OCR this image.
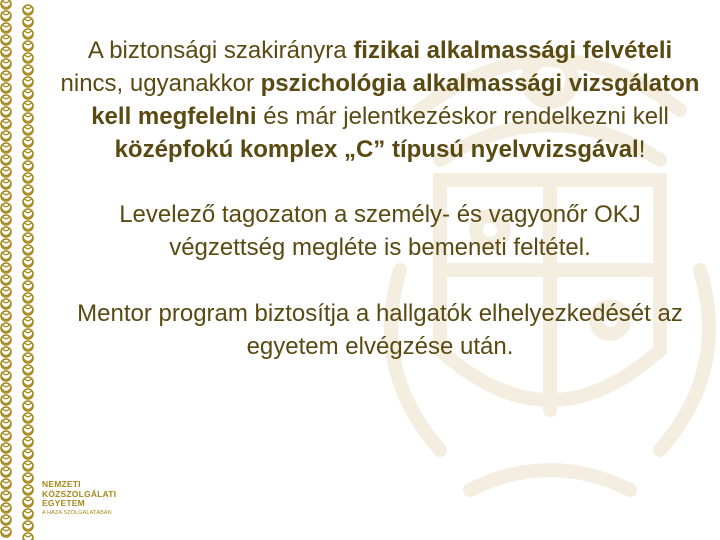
A biztonsági szakirányra fizikai alkalmassági felvételi nincs, ugyanakkor pszichológia alkalmassági vizsgálaton kell megfelelni és már jelentkezéskor rendelkezni kell középfokú komplex „C” típusú nyelvvizsgával!

Levelező tagozaton a személy- és vagyonőr OKJ végzettség megléte is bemeneti feltétel.

Mentor program biztosítja a hallgatók elhelyezkedését az egyetem elvégzése után.

NEMZETI
KÖZSZOLGÁLATI
EGYETEM
A HAZA SZOLGÁLATÁBAN
